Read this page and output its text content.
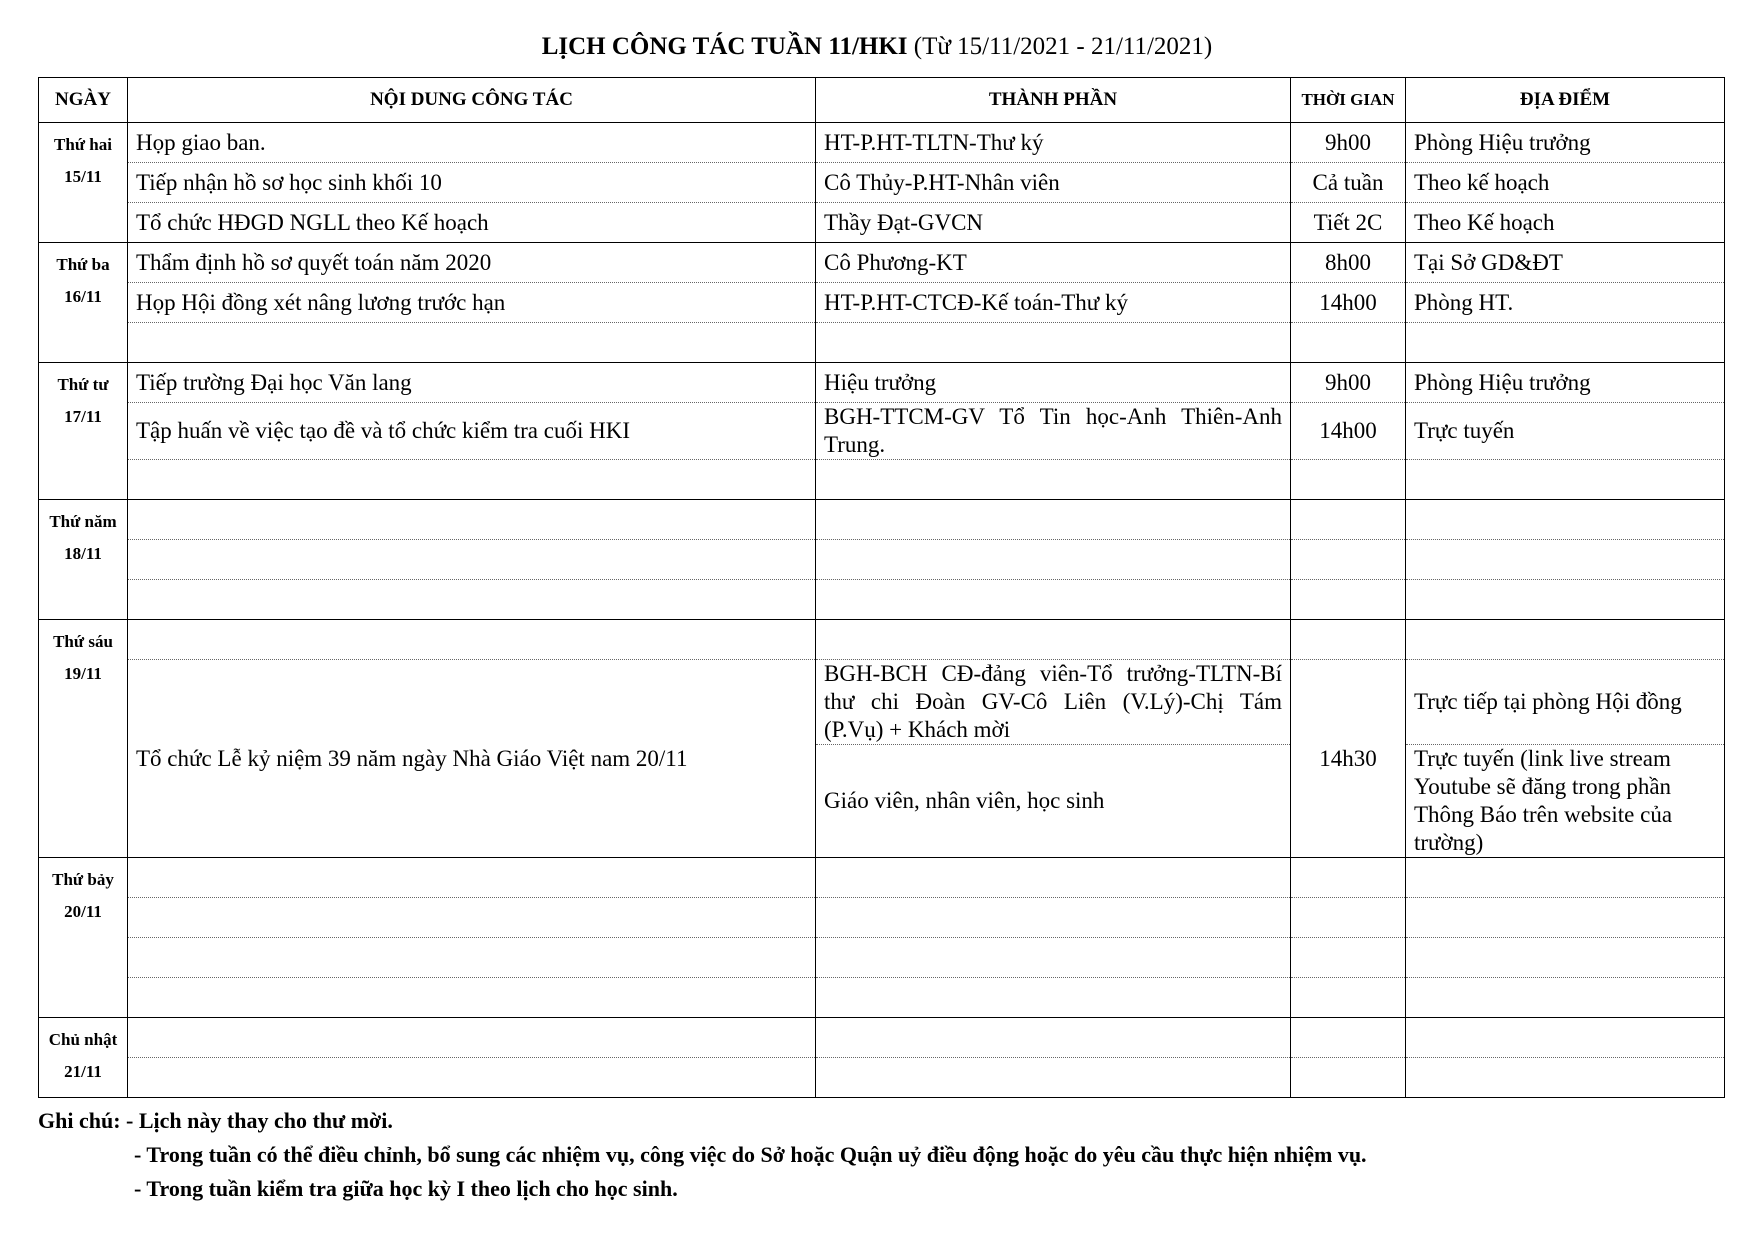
LỊCH CÔNG TÁC TUẦN 11/HKI (Từ 15/11/2021 - 21/11/2021)
NGÀY	NỘI DUNG CÔNG TÁC	THÀNH PHẦN	THỜI GIAN	ĐỊA ĐIỂM

Thứ hai
15/11	Họp giao ban.	HT-P.HT-TLTN-Thư ký	9h00	Phòng Hiệu trưởng
	Tiếp nhận hồ sơ học sinh khối 10	Cô Thủy-P.HT-Nhân viên	Cả tuần	Theo kế hoạch
	Tổ chức HĐGD NGLL theo Kế hoạch	Thầy Đạt-GVCN	Tiết 2C	Theo Kế hoạch

Thứ ba
16/11	Thẩm định hồ sơ quyết toán năm 2020	Cô Phương-KT	8h00	Tại Sở GD&ĐT
	Họp Hội đồng xét nâng lương trước hạn	HT-P.HT-CTCĐ-Kế toán-Thư ký	14h00	Phòng HT.

Thứ tư
17/11	Tiếp trường Đại học Văn lang	Hiệu trưởng	9h00	Phòng Hiệu trưởng
	Tập huấn về việc tạo đề và tổ chức kiểm tra cuối HKI	BGH-TTCM-GV Tổ Tin học-Anh Thiên-Anh Trung.	14h00	Trực tuyến

Thứ năm
18/11				

Thứ sáu
19/11				

	Tổ chức Lễ kỷ niệm 39 năm ngày Nhà Giáo Việt nam 20/11	BGH-BCH CĐ-đảng viên-Tổ trưởng-TLTN-Bí thư chi Đoàn GV-Cô Liên (V.Lý)-Chị Tám (P.Vụ) + Khách mời	14h30	Trực tiếp tại phòng Hội đồng
		Giáo viên, nhân viên, học sinh		Trực tuyến (link live stream Youtube sẽ đăng trong phần Thông Báo trên website của trường)

Thứ bảy
20/11				

Chủ nhật
21/11				

Ghi chú: - Lịch này thay cho thư mời.
- Trong tuần có thể điều chỉnh, bổ sung các nhiệm vụ, công việc do Sở hoặc Quận uỷ điều động hoặc do yêu cầu thực hiện nhiệm vụ.
- Trong tuần kiểm tra giữa học kỳ I theo lịch cho học sinh.
